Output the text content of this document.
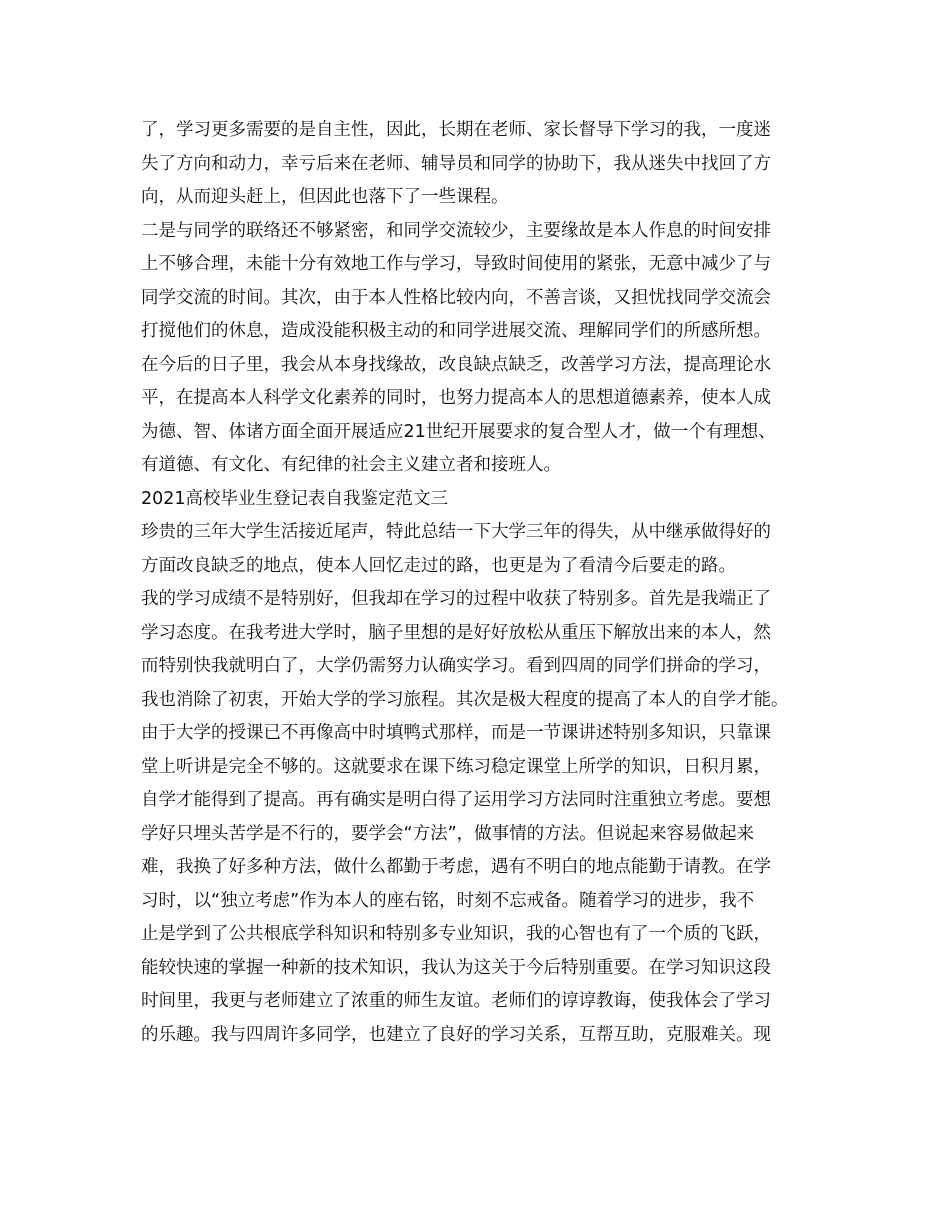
了，学习更多需要的是自主性，因此，长期在老师、家长督导下学习的我，一度迷
失了方向和动力，幸亏后来在老师、辅导员和同学的协助下，我从迷失中找回了方
向，从而迎头赶上，但因此也落下了一些课程。
二是与同学的联络还不够紧密，和同学交流较少，主要缘故是本人作息的时间安排
上不够合理，未能十分有效地工作与学习，导致时间使用的紧张，无意中减少了与
同学交流的时间。其次，由于本人性格比较内向，不善言谈，又担忧找同学交流会
打搅他们的休息，造成没能积极主动的和同学进展交流、理解同学们的所感所想。
在今后的日子里，我会从本身找缘故，改良缺点缺乏，改善学习方法，提高理论水
平，在提高本人科学文化素养的同时，也努力提高本人的思想道德素养，使本人成
为德、智、体诸方面全面开展适应21世纪开展要求的复合型人才，做一个有理想、
有道德、有文化、有纪律的社会主义建立者和接班人。
2021高校毕业生登记表自我鉴定范文三
珍贵的三年大学生活接近尾声，特此总结一下大学三年的得失，从中继承做得好的
方面改良缺乏的地点，使本人回忆走过的路，也更是为了看清今后要走的路。
我的学习成绩不是特别好，但我却在学习的过程中收获了特别多。首先是我端正了
学习态度。在我考进大学时，脑子里想的是好好放松从重压下解放出来的本人，然
而特别快我就明白了，大学仍需努力认确实学习。看到四周的同学们拼命的学习，
我也消除了初衷，开始大学的学习旅程。其次是极大程度的提高了本人的自学才能。
由于大学的授课已不再像高中时填鸭式那样，而是一节课讲述特别多知识，只靠课
堂上听讲是完全不够的。这就要求在课下练习稳定课堂上所学的知识，日积月累，
自学才能得到了提高。再有确实是明白得了运用学习方法同时注重独立考虑。要想
学好只埋头苦学是不行的，要学会“方法”，做事情的方法。但说起来容易做起来
难，我换了好多种方法，做什么都勤于考虑，遇有不明白的地点能勤于请教。在学
习时，以“独立考虑”作为本人的座右铭，时刻不忘戒备。随着学习的进步，我不
止是学到了公共根底学科知识和特别多专业知识，我的心智也有了一个质的飞跃，
能较快速的掌握一种新的技术知识，我认为这关于今后特别重要。在学习知识这段
时间里，我更与老师建立了浓重的师生友谊。老师们的谆谆教诲，使我体会了学习
的乐趣。我与四周许多同学，也建立了良好的学习关系，互帮互助，克服难关。现
